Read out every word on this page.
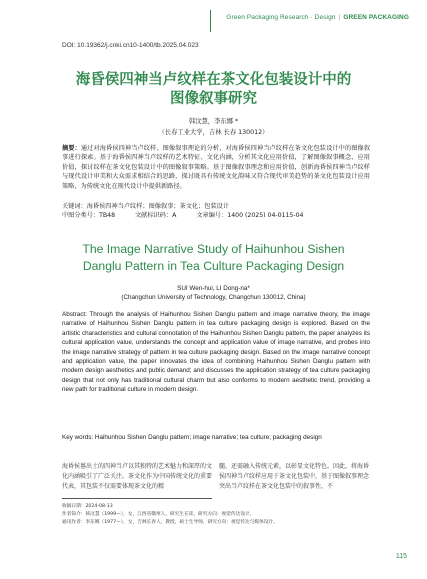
Green Packaging Research · Design | GREEN PACKAGING
DOI: 10.19362/j.cnki.cn10-1400/tb.2025.04.023
海昏侯四神当卢纹样在茶文化包装设计中的
图像叙事研究
韩汶慧，李东娜 *
（长春工业大学，吉林 长春 130012）
摘要：通过对海昏侯四神当卢纹样、图像叙事理论的分析，对海昏侯四神当卢纹样在茶文化包装设计中的图像叙事进行探索。基于海昏侯四神当卢纹样的艺术特征、文化内涵，分析其文化应用价值，了解图像叙事概念、应用价值，探讨纹样在茶文化包装设计中的图像叙事策略。基于图像叙事理念和应用价值，创新海昏侯四神当卢纹样与现代设计审美和大众需求相结合的思路，探讨既具有传统文化韵味又符合现代审美趋势的茶文化包装设计应用策略，为传统文化在现代设计中提供新路径。
关键词：海昏侯四神当卢纹样；图像叙事；茶文化；包装设计
中图分类号：TB48	文献标识码：A	文章编号：1400 (2025) 04-0115-04
The Image Narrative Study of Haihunhou Sishen
Danglu Pattern in Tea Culture Packaging Design
SUI Wen-hui, LI Dong-na*
(Changchun University of Technology, Changchun 130012, China)
Abstract: Through the analysis of Haihunhou Sishen Danglu pattern and image narrative theory, the image narrative of Haihunhou Sishen Danglu pattern in tea culture packaging design is explored. Based on the artistic characteristics and cultural connotation of the Haihunhou Sishen Danglu pattern, the paper analyzes its cultural application value, understands the concept and application value of image narrative, and probes into the image narrative strategy of pattern in tea culture packaging design. Based on the image narrative concept and application value, the paper innovates the idea of combining Haihunhou Sishen Danglu pattern with modern design aesthetics and public demand; and discusses the application strategy of tea culture packaging design that not only has traditional cultural charm but also conforms to modern aesthetic trend, providing a new path for traditional culture in modern design.
Key words: Haihunhou Sishen Danglu pattern; image narrative; tea culture; packaging design
海昏侯墓出土的四神当卢以其独特的艺术魅力和深厚的文化内涵吸引了广泛关注。茶文化作为中国传统文化的重要代表，其包装不仅需要体现茶文化的精
髓，还需融入传统元素，以彰显文化特色。因此，将海昏侯四神当卢纹样应用于茶文化包装中，基于图像叙事理念突出当卢纹样在茶文化包装中的叙事性，不
收稿日期：2024-08-13
作者简介：韩汶慧（1999—），女，江西省赣州人，研究生在读，研究方向：视觉传达设计。
通讯作者：李东娜（1977—），女，吉林长春人，教授，硕士生导师，研究方向：视觉传达与媒体设计。
115
